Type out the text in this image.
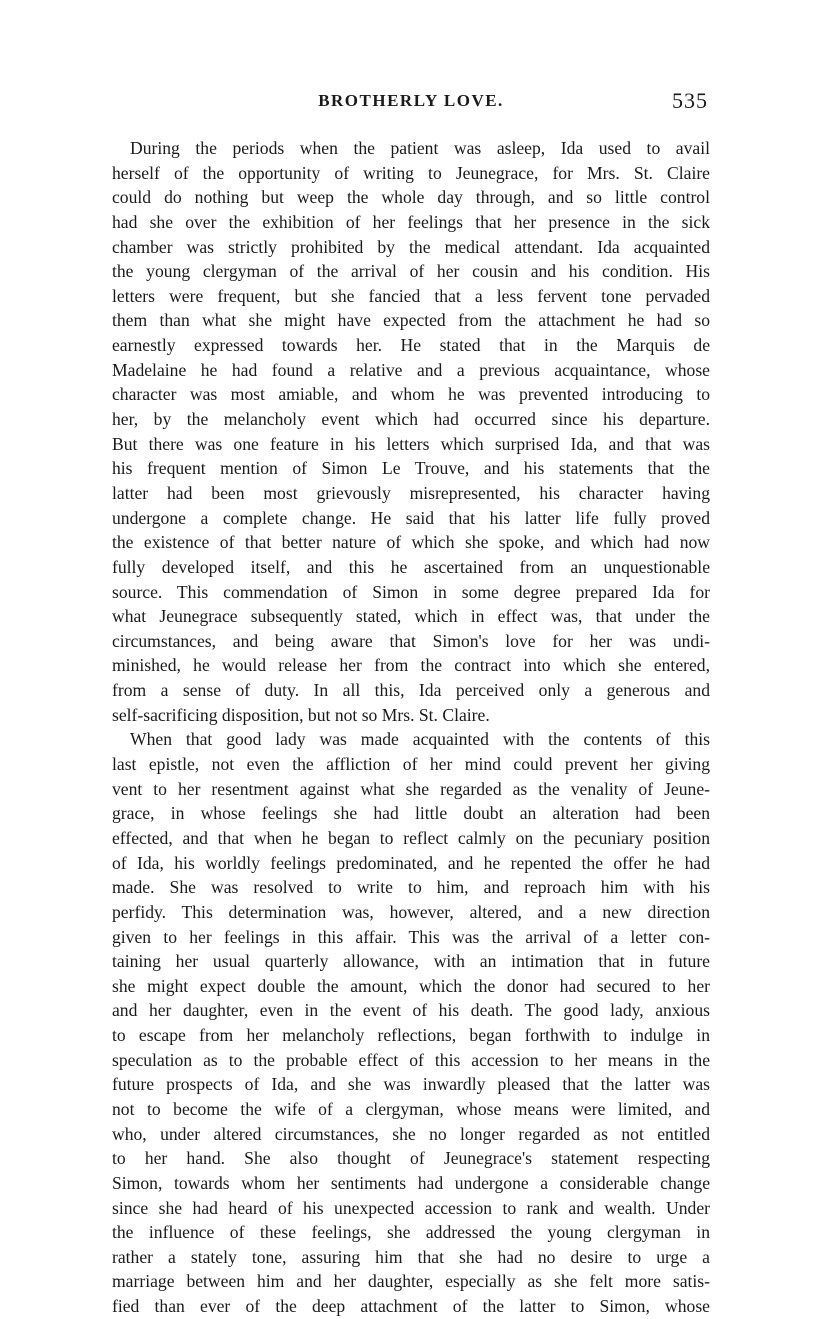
BROTHERLY LOVE.	535
During the periods when the patient was asleep, Ida used to avail
herself of the opportunity of writing to Jeunegrace, for Mrs. St. Claire
could do nothing but weep the whole day through, and so little control
had she over the exhibition of her feelings that her presence in the sick
chamber was strictly prohibited by the medical attendant. Ida acquainted
the young clergyman of the arrival of her cousin and his condition. His
letters were frequent, but she fancied that a less fervent tone pervaded
them than what she might have expected from the attachment he had so
earnestly expressed towards her. He stated that in the Marquis de
Madelaine he had found a relative and a previous acquaintance, whose
character was most amiable, and whom he was prevented introducing to
her, by the melancholy event which had occurred since his departure.
But there was one feature in his letters which surprised Ida, and that was
his frequent mention of Simon Le Trouve, and his statements that the
latter had been most grievously misrepresented, his character having
undergone a complete change. He said that his latter life fully proved
the existence of that better nature of which she spoke, and which had now
fully developed itself, and this he ascertained from an unquestionable
source. This commendation of Simon in some degree prepared Ida for
what Jeunegrace subsequently stated, which in effect was, that under the
circumstances, and being aware that Simon's love for her was undi-
minished, he would release her from the contract into which she entered,
from a sense of duty. In all this, Ida perceived only a generous and
self-sacrificing disposition, but not so Mrs. St. Claire.
When that good lady was made acquainted with the contents of this
last epistle, not even the affliction of her mind could prevent her giving
vent to her resentment against what she regarded as the venality of Jeune-
grace, in whose feelings she had little doubt an alteration had been
effected, and that when he began to reflect calmly on the pecuniary position
of Ida, his worldly feelings predominated, and he repented the offer he had
made. She was resolved to write to him, and reproach him with his
perfidy. This determination was, however, altered, and a new direction
given to her feelings in this affair. This was the arrival of a letter con-
taining her usual quarterly allowance, with an intimation that in future
she might expect double the amount, which the donor had secured to her
and her daughter, even in the event of his death. The good lady, anxious
to escape from her melancholy reflections, began forthwith to indulge in
speculation as to the probable effect of this accession to her means in the
future prospects of Ida, and she was inwardly pleased that the latter was
not to become the wife of a clergyman, whose means were limited, and
who, under altered circumstances, she no longer regarded as not entitled
to her hand. She also thought of Jeunegrace's statement respecting
Simon, towards whom her sentiments had undergone a considerable change
since she had heard of his unexpected accession to rank and wealth. Under
the influence of these feelings, she addressed the young clergyman in
rather a stately tone, assuring him that she had no desire to urge a
marriage between him and her daughter, especially as she felt more satis-
fied than ever of the deep attachment of the latter to Simon, whose
